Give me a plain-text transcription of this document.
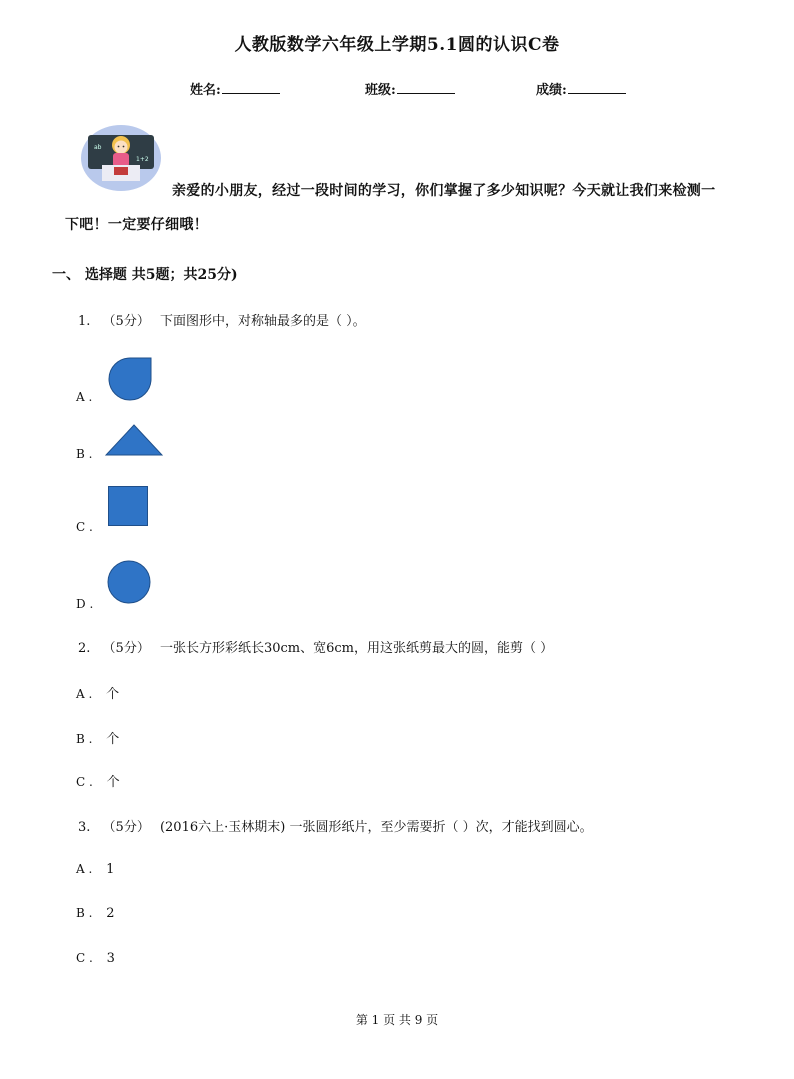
人教版数学六年级上学期5.1圆的认识C卷
姓名:	班级:	成绩:
ab
1+2
亲爱的小朋友，经过一段时间的学习，你们掌握了多少知识呢？今天就让我们来检测一
下吧！一定要仔细哦！
一、 选择题 共5题；共25分)
1. （5分） 下面图形中，对称轴最多的是（ ）。
A .
B .
C .
D .
2. （5分） 一张长方形彩纸长30cm、宽6cm，用这张纸剪最大的圆，能剪（ ）
A . 个
B . 个
C . 个
3. （5分） (2016六上·玉林期末) 一张圆形纸片，至少需要折（ ）次，才能找到圆心。
A . 1
B . 2
C . 3
第 1 页 共 9 页
